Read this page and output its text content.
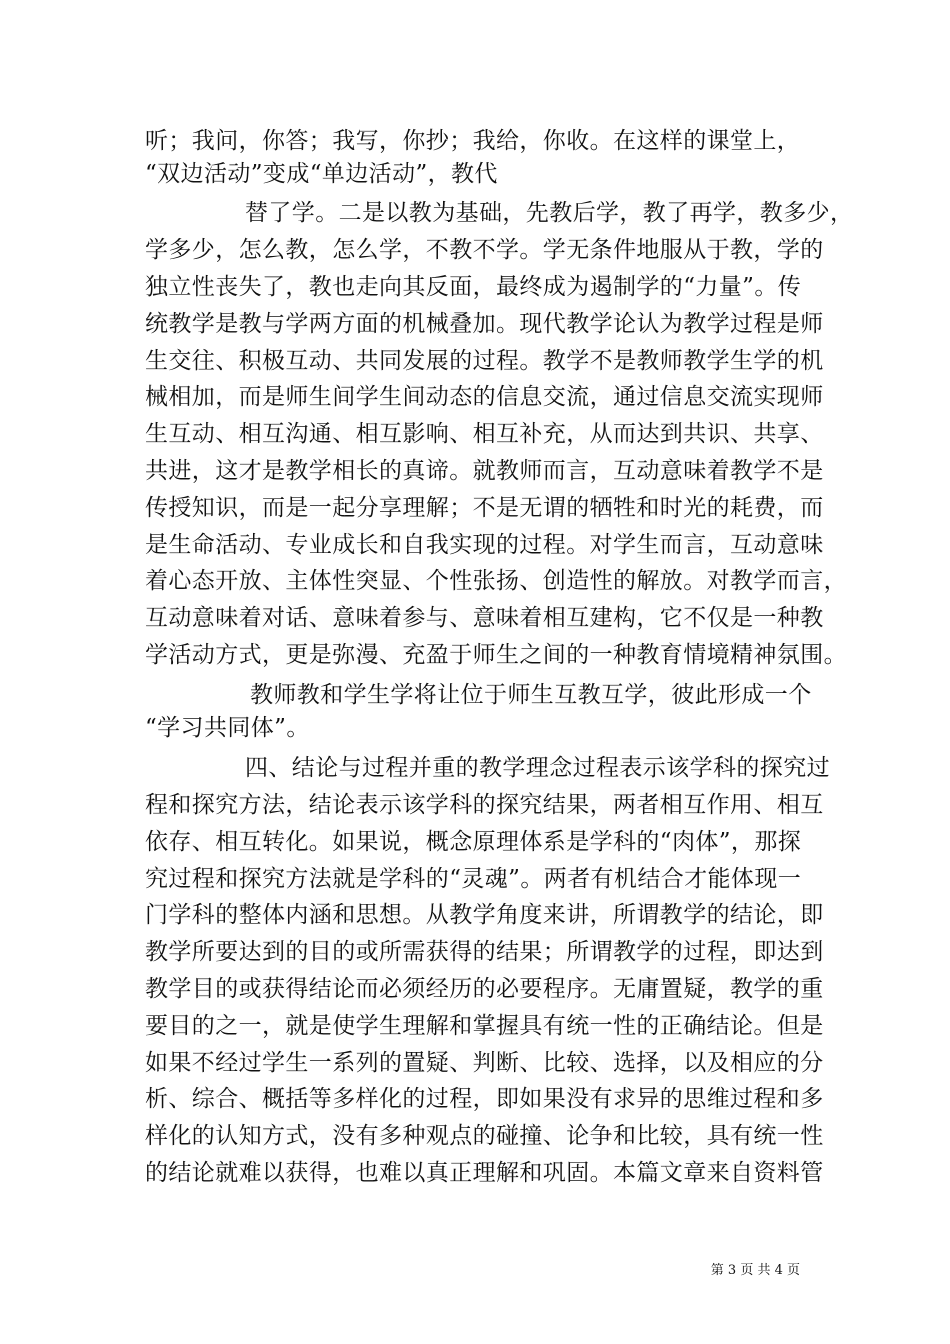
听；我问，你答；我写，你抄；我给，你收。在这样的课堂上，
“双边活动”变成“单边活动”，教代
替了学。二是以教为基础，先教后学，教了再学，教多少，
学多少，怎么教，怎么学，不教不学。学无条件地服从于教，学的
独立性丧失了，教也走向其反面，最终成为遏制学的“力量”。传
统教学是教与学两方面的机械叠加。现代教学论认为教学过程是师
生交往、积极互动、共同发展的过程。教学不是教师教学生学的机
械相加，而是师生间学生间动态的信息交流，通过信息交流实现师
生互动、相互沟通、相互影响、相互补充，从而达到共识、共享、
共进，这才是教学相长的真谛。就教师而言，互动意味着教学不是
传授知识，而是一起分享理解；不是无谓的牺牲和时光的耗费，而
是生命活动、专业成长和自我实现的过程。对学生而言，互动意味
着心态开放、主体性突显、个性张扬、创造性的解放。对教学而言，
互动意味着对话、意味着参与、意味着相互建构，它不仅是一种教
学活动方式，更是弥漫、充盈于师生之间的一种教育情境精神氛围。
教师教和学生学将让位于师生互教互学，彼此形成一个
“学习共同体”。
四、结论与过程并重的教学理念过程表示该学科的探究过
程和探究方法，结论表示该学科的探究结果，两者相互作用、相互
依存、相互转化。如果说，概念原理体系是学科的“肉体”，那探
究过程和探究方法就是学科的“灵魂”。两者有机结合才能体现一
门学科的整体内涵和思想。从教学角度来讲，所谓教学的结论，即
教学所要达到的目的或所需获得的结果；所谓教学的过程，即达到
教学目的或获得结论而必须经历的必要程序。无庸置疑，教学的重
要目的之一，就是使学生理解和掌握具有统一性的正确结论。但是
如果不经过学生一系列的置疑、判断、比较、选择，以及相应的分
析、综合、概括等多样化的过程，即如果没有求异的思维过程和多
样化的认知方式，没有多种观点的碰撞、论争和比较，具有统一性
的结论就难以获得，也难以真正理解和巩固。本篇文章来自资料管
第 3 页 共 4 页
